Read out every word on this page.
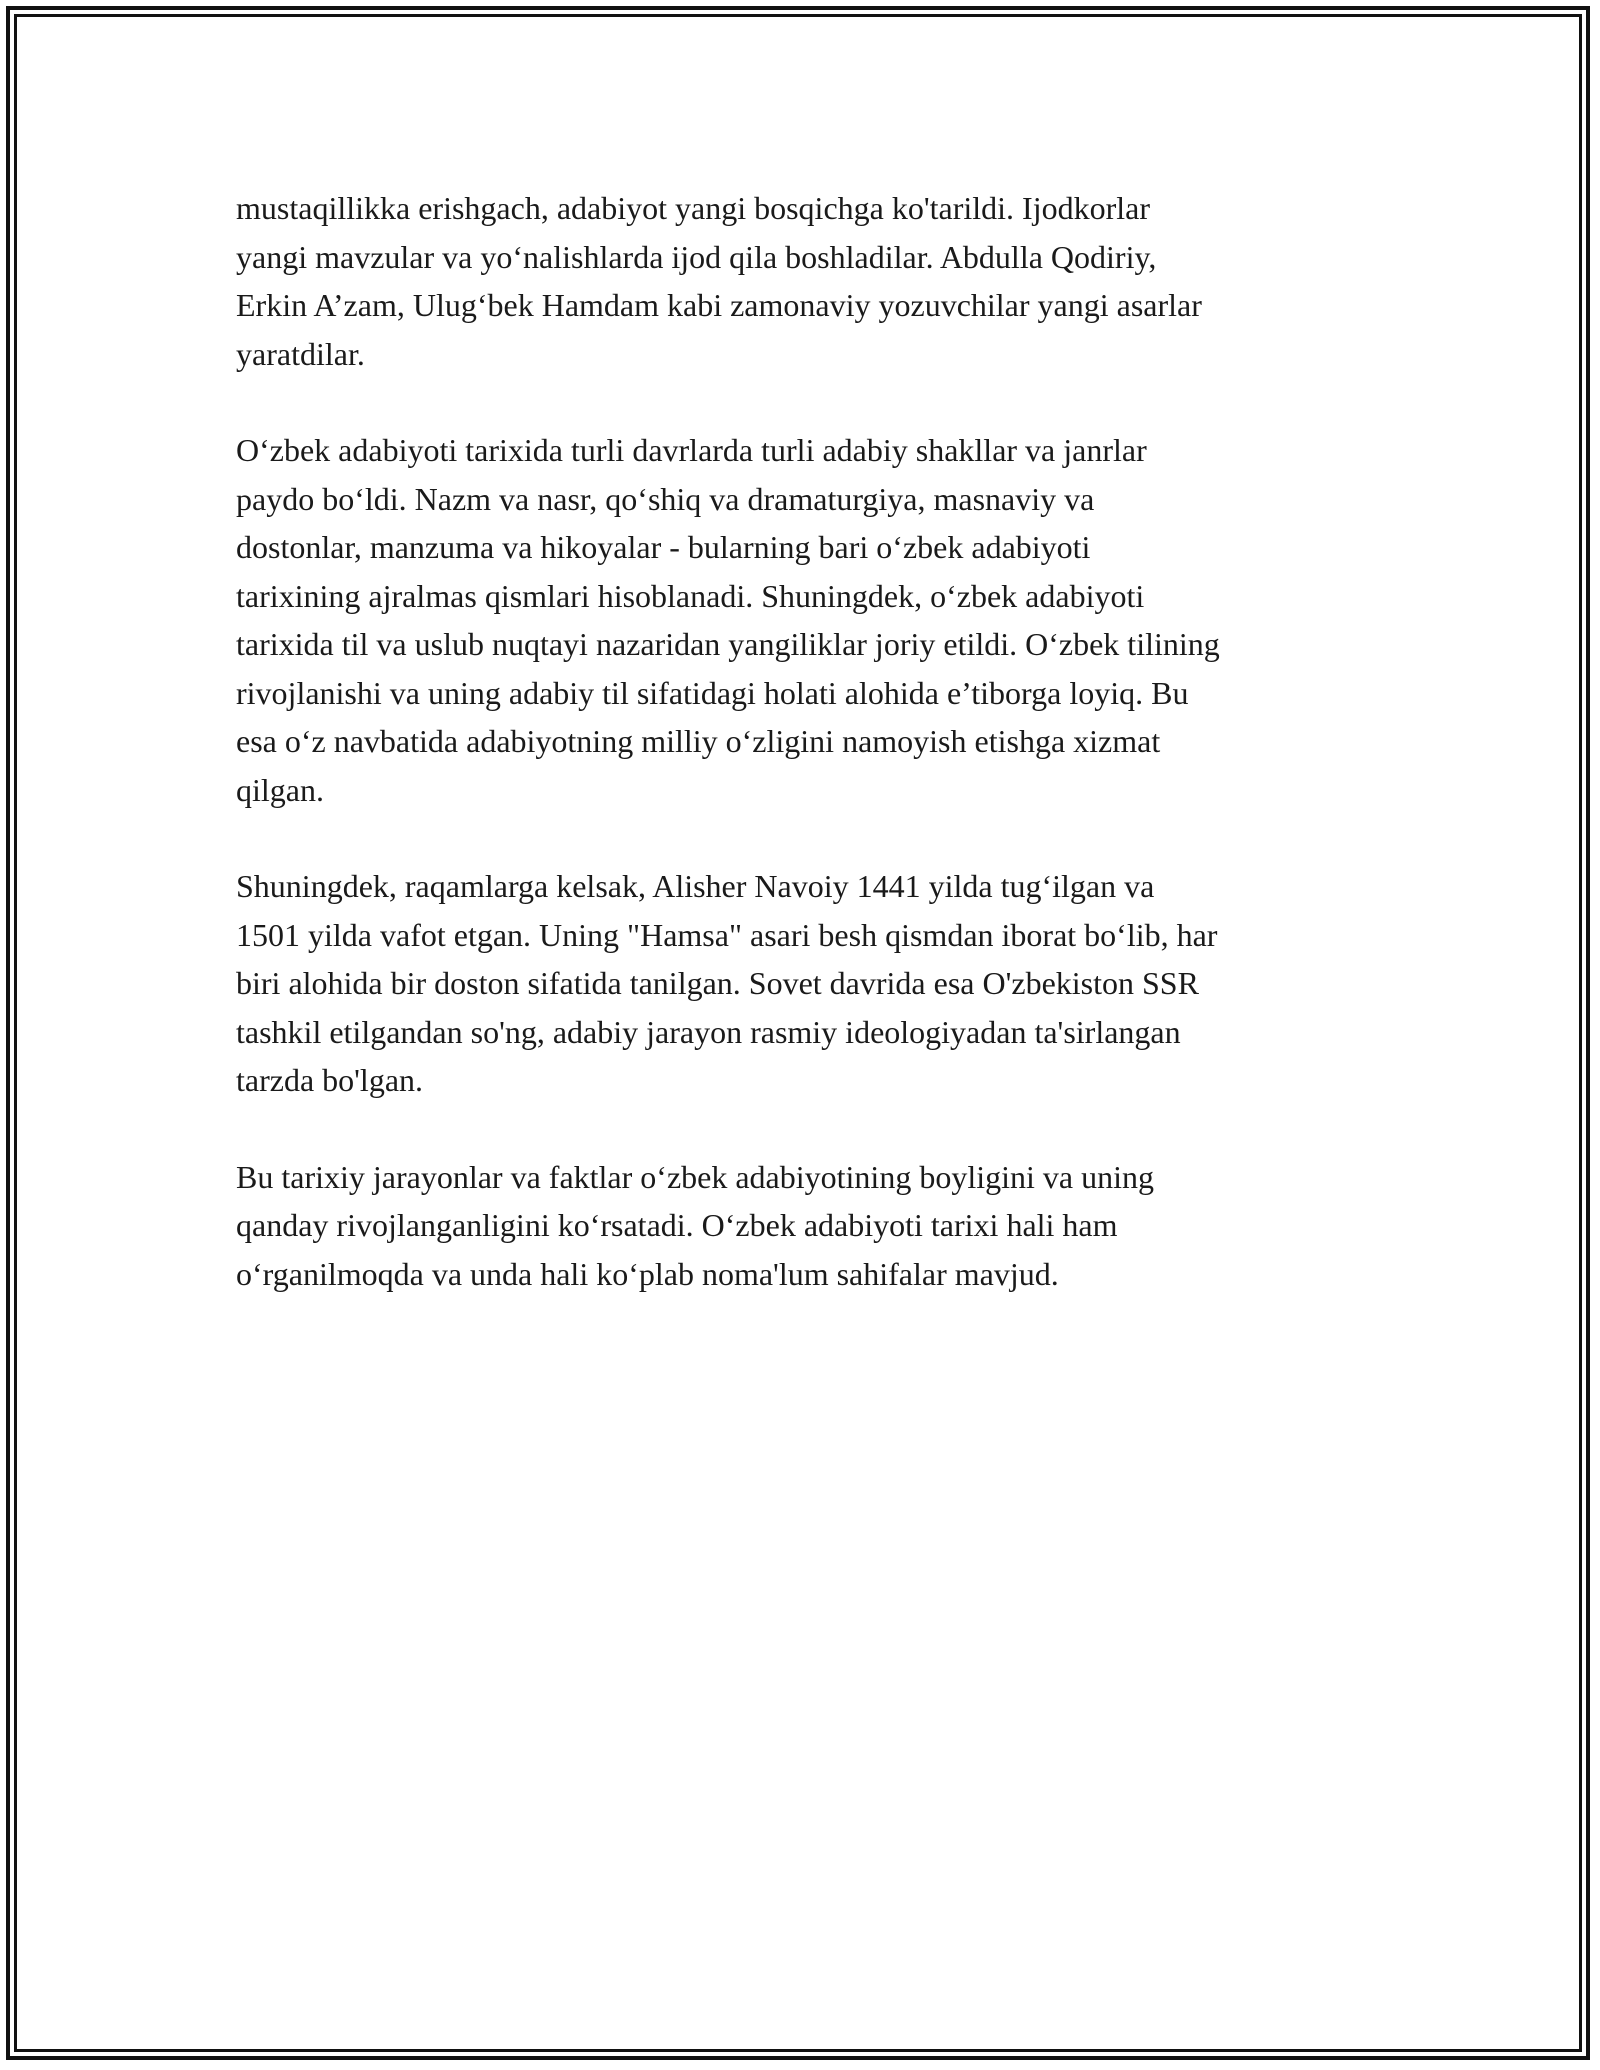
mustaqillikka erishgach, adabiyot yangi bosqichga ko'tarildi. Ijodkorlar
yangi mavzular va yoʻnalishlarda ijod qila boshladilar. Abdulla Qodiriy,
Erkin A’zam, Ulugʻbek Hamdam kabi zamonaviy yozuvchilar yangi asarlar
yaratdilar.

Oʻzbek adabiyoti tarixida turli davrlarda turli adabiy shakllar va janrlar
paydo boʻldi. Nazm va nasr, qoʻshiq va dramaturgiya, masnaviy va
dostonlar, manzuma va hikoyalar - bularning bari oʻzbek adabiyoti
tarixining ajralmas qismlari hisoblanadi. Shuningdek, oʻzbek adabiyoti
tarixida til va uslub nuqtayi nazaridan yangiliklar joriy etildi. Oʻzbek tilining
rivojlanishi va uning adabiy til sifatidagi holati alohida e’tiborga loyiq. Bu
esa oʻz navbatida adabiyotning milliy oʻzligini namoyish etishga xizmat
qilgan.

Shuningdek, raqamlarga kelsak, Alisher Navoiy 1441 yilda tugʻilgan va
1501 yilda vafot etgan. Uning "Hamsa" asari besh qismdan iborat boʻlib, har
biri alohida bir doston sifatida tanilgan. Sovet davrida esa O'zbekiston SSR
tashkil etilgandan so'ng, adabiy jarayon rasmiy ideologiyadan ta'sirlangan
tarzda bo'lgan.

Bu tarixiy jarayonlar va faktlar oʻzbek adabiyotining boyligini va uning
qanday rivojlanganligini koʻrsatadi. Oʻzbek adabiyoti tarixi hali ham
oʻrganilmoqda va unda hali koʻplab noma'lum sahifalar mavjud.
